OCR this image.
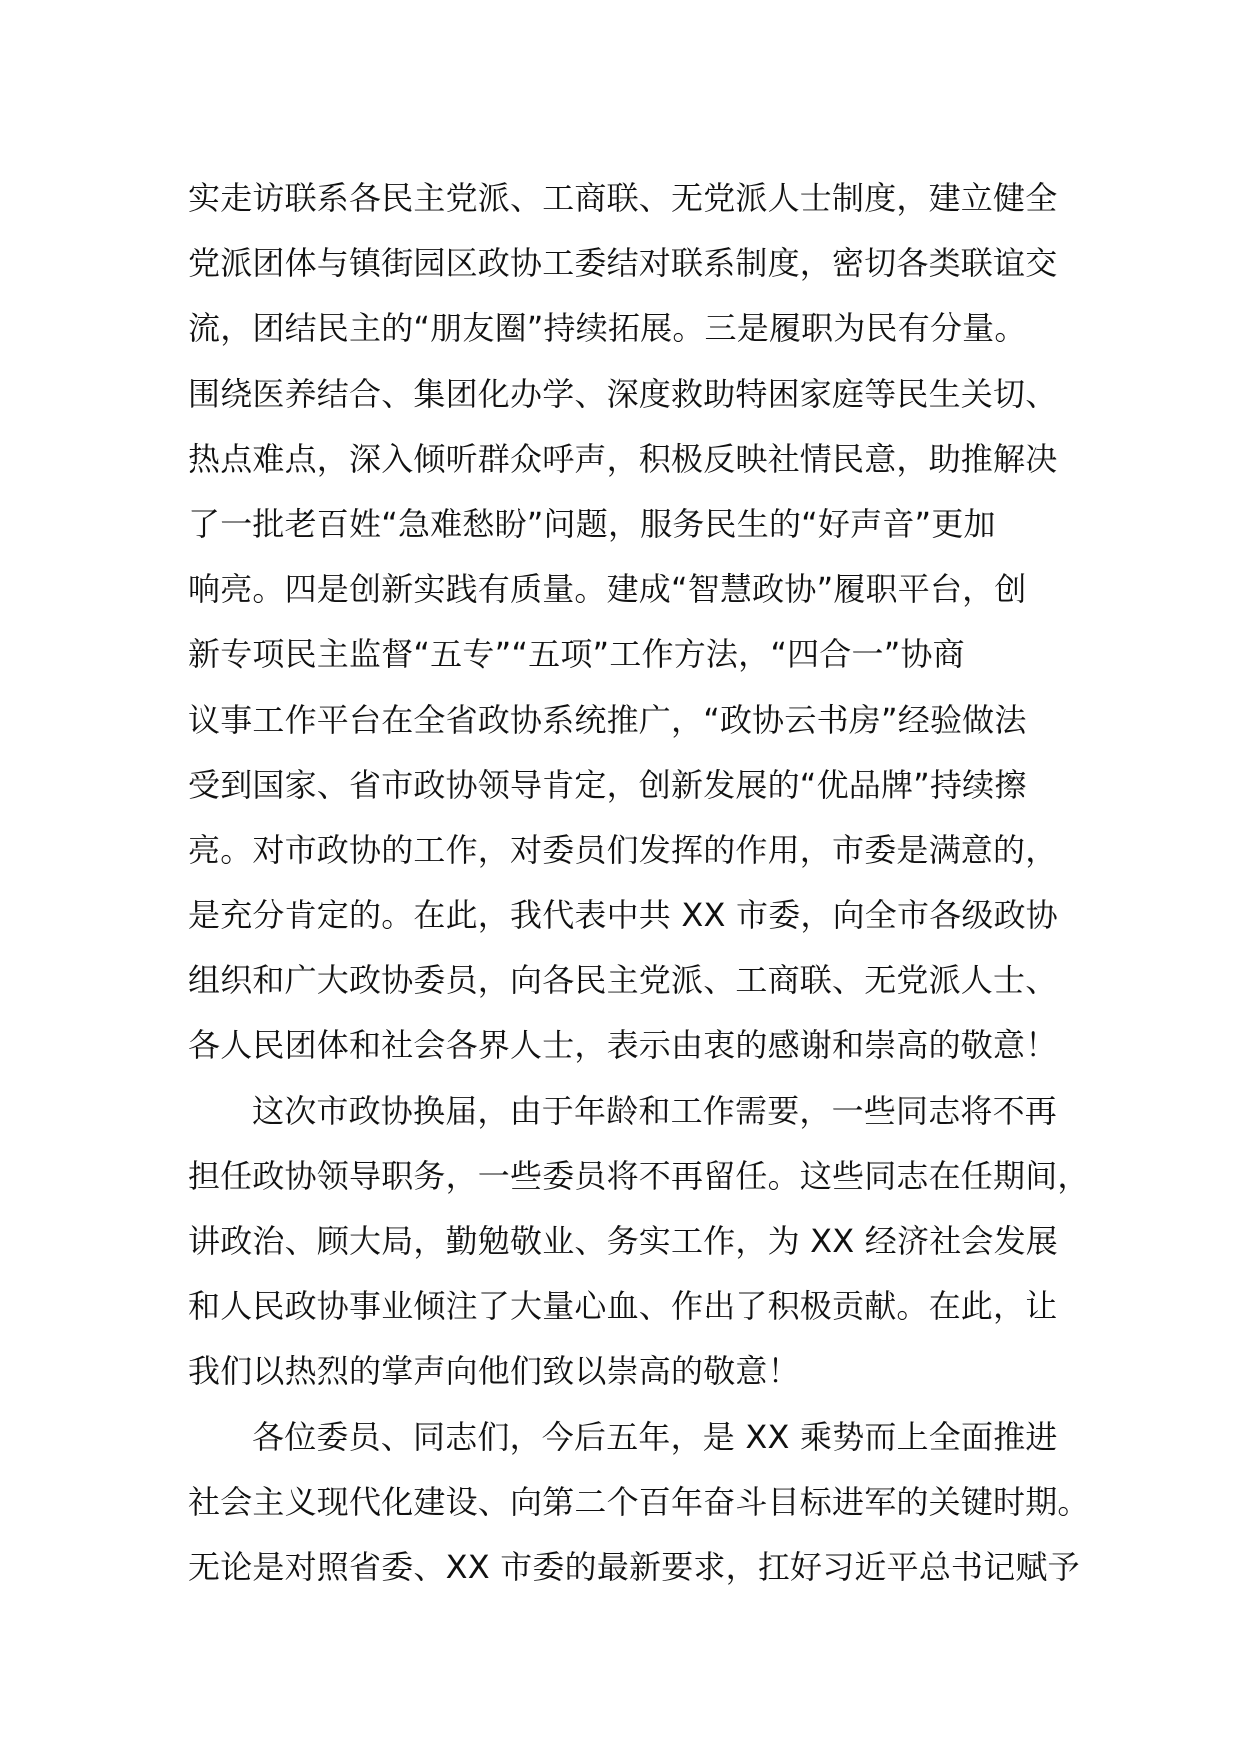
实走访联系各民主党派、工商联、无党派人士制度，建立健全
党派团体与镇街园区政协工委结对联系制度，密切各类联谊交
流，团结民主的“朋友圈”持续拓展。三是履职为民有分量。
围绕医养结合、集团化办学、深度救助特困家庭等民生关切、
热点难点，深入倾听群众呼声，积极反映社情民意，助推解决
了一批老百姓“急难愁盼”问题，服务民生的“好声音”更加
响亮。四是创新实践有质量。建成“智慧政协”履职平台，创
新专项民主监督“五专”“五项”工作方法，“四合一”协商
议事工作平台在全省政协系统推广，“政协云书房”经验做法
受到国家、省市政协领导肯定，创新发展的“优品牌”持续擦
亮。对市政协的工作，对委员们发挥的作用，市委是满意的，
是充分肯定的。在此，我代表中共 XX 市委，向全市各级政协
组织和广大政协委员，向各民主党派、工商联、无党派人士、
各人民团体和社会各界人士，表示由衷的感谢和崇高的敬意！
这次市政协换届，由于年龄和工作需要，一些同志将不再
担任政协领导职务，一些委员将不再留任。这些同志在任期间，
讲政治、顾大局，勤勉敬业、务实工作，为 XX 经济社会发展
和人民政协事业倾注了大量心血、作出了积极贡献。在此，让
我们以热烈的掌声向他们致以崇高的敬意！
各位委员、同志们，今后五年，是 XX 乘势而上全面推进
社会主义现代化建设、向第二个百年奋斗目标进军的关键时期。
无论是对照省委、XX 市委的最新要求，扛好习近平总书记赋予
